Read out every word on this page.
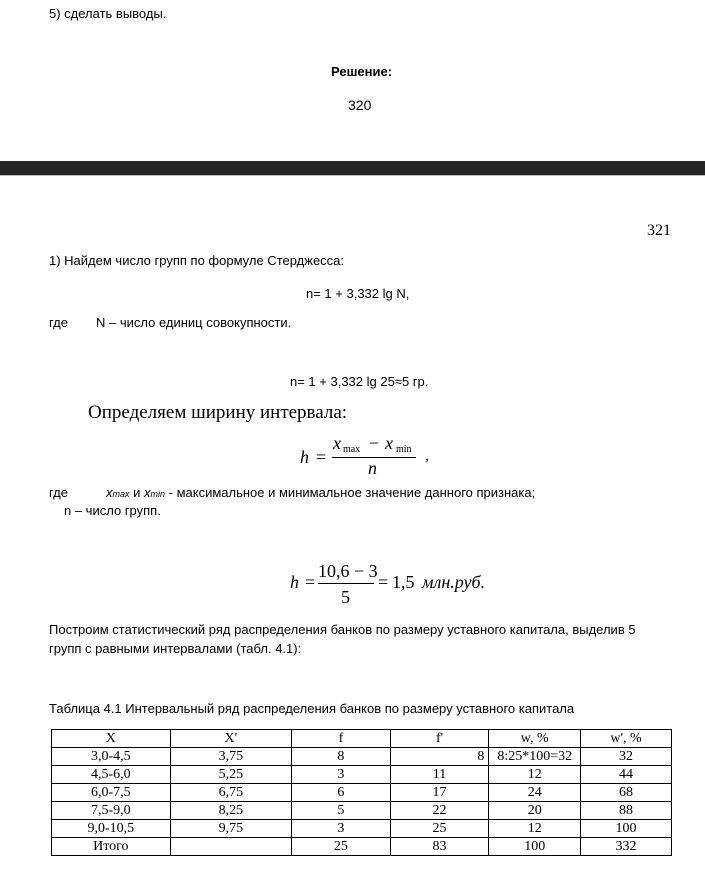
5) сделать выводы.
Решение:
320
321
1) Найдем число групп по формуле Стерджесса:
n= 1 + 3,332 lg N,
где N – число единиц совокупности.
n= 1 + 3,332 lg 25≈5 гр.
Определяем ширину интервала:
h =
x max − x min
n
,
где	xmax и xmin - максимальное и минимальное значение данного признака;
n – число групп.
h =
10,6 − 3
5
= 1,5 млн.руб.
Построим статистический ряд распределения банков по размеру уставного капитала, выделив 5
групп с равными интервалами (табл. 4.1):
Таблица 4.1 Интервальный ряд распределения банков по размеру уставного капитала
X	X'	f	f'	w, %	w', %
3,0-4,5	3,75	8	8	8:25*100=32	32
4,5-6,0	5,25	3	11	12	44
6,0-7,5	6,75	6	17	24	68
7,5-9,0	8,25	5	22	20	88
9,0-10,5	9,75	3	25	12	100
Итого		25	83	100	332
